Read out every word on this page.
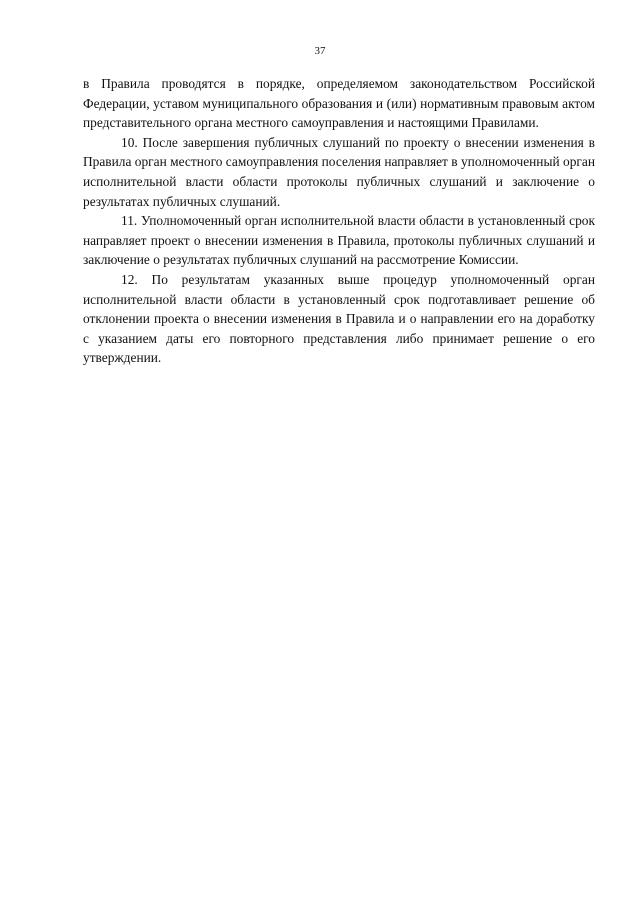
37

в Правила проводятся в порядке, определяемом законодательством Российской Федерации, уставом муниципального образования и (или) нормативным правовым актом представительного органа местного самоуправления и настоящими Правилами.

10. После завершения публичных слушаний по проекту о внесении изменения в Правила орган местного самоуправления поселения направляет в уполномоченный орган исполнительной власти области протоколы публичных слушаний и заключение о результатах публичных слушаний.

11. Уполномоченный орган исполнительной власти области в установленный срок направляет проект о внесении изменения в Правила, протоколы публичных слушаний и заключение о результатах публичных слушаний на рассмотрение Комиссии.

12. По результатам указанных выше процедур уполномоченный орган исполнительной власти области в установленный срок подготавливает решение об отклонении проекта о внесении изменения в Правила и о направлении его на доработку с указанием даты его повторного представления либо принимает решение о его утверждении.
